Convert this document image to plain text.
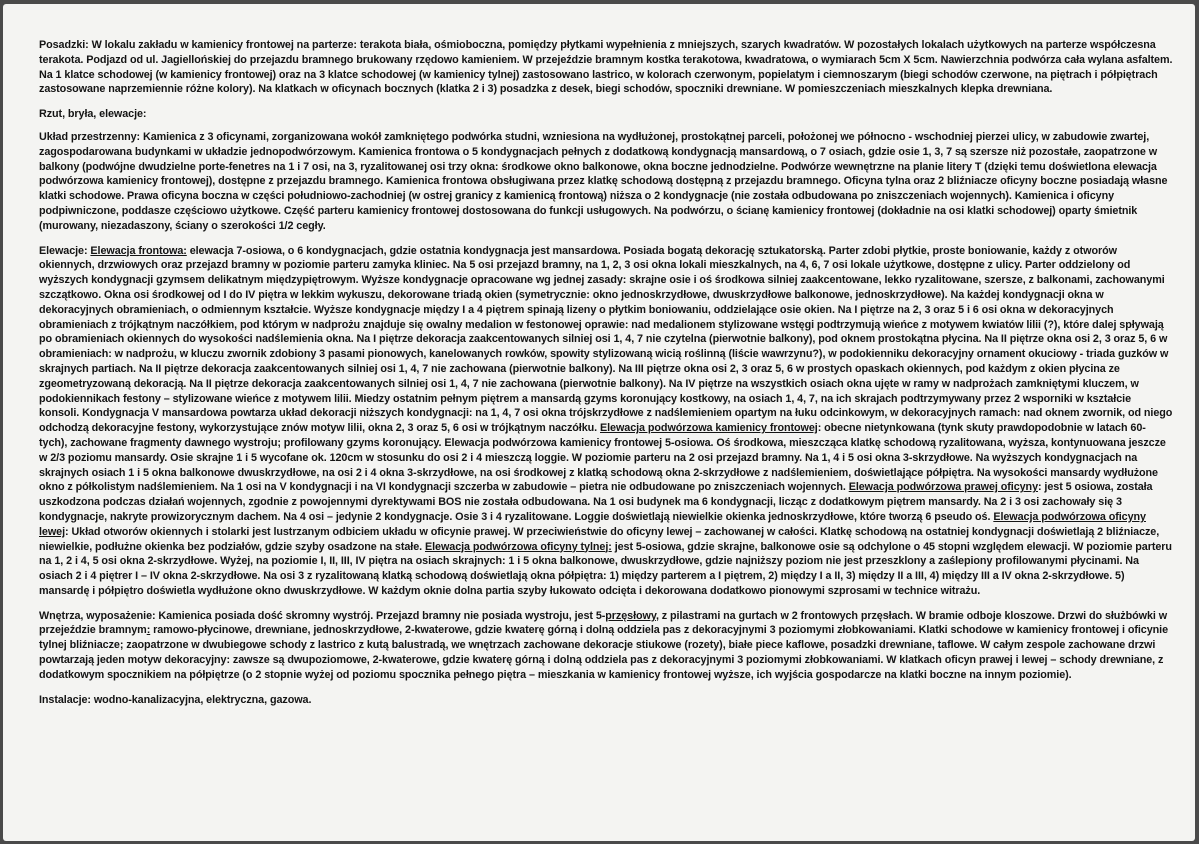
Posadzki: W lokalu zakładu w kamienicy frontowej na parterze: terakota biała, ośmioboczna, pomiędzy płytkami wypełnienia z mniejszych, szarych kwadratów. W pozostałych lokalach użytkowych na parterze współczesna terakota. Podjazd od ul. Jagiellońskiej do przejazdu bramnego brukowany rzędowo kamieniem. W przejeździe bramnym kostka terakotowa, kwadratowa, o wymiarach 5cm X 5cm. Nawierzchnia podwórza cała wylana asfaltem. Na 1 klatce schodowej (w kamienicy frontowej) oraz na 3 klatce schodowej (w kamienicy tylnej) zastosowano lastrico, w kolorach czerwonym, popielatym i ciemnoszarym (biegi schodów czerwone, na piętrach i półpiętrach zastosowane naprzemiennie różne kolory). Na klatkach w oficynach bocznych (klatka 2 i 3) posadzka z desek, biegi schodów, spoczniki drewniane. W pomieszczeniach mieszkalnych klepka drewniana.

Rzut, bryła, elewacje:

Układ przestrzenny: Kamienica z 3 oficynami, zorganizowana wokół zamkniętego podwórka studni, wzniesiona na wydłużonej, prostokątnej parceli, położonej we północno - wschodniej pierzei ulicy, w zabudowie zwartej, zagospodarowana budynkami w układzie jednopodwórzowym. Kamienica frontowa o 5 kondygnacjach pełnych z dodatkową kondygnacją mansardową, o 7 osiach, gdzie osie 1, 3, 7 są szersze niż pozostałe, zaopatrzone w balkony (podwójne dwudzielne porte-fenetres na 1 i 7 osi, na 3, ryzalitowanej osi trzy okna: środkowe okno balkonowe, okna boczne jednodzielne. Podwórze wewnętrzne na planie litery T (dzięki temu doświetlona elewacja podwórzowa kamienicy frontowej), dostępne z przejazdu bramnego. Kamienica frontowa obsługiwana przez klatkę schodową dostępną z przejazdu bramnego. Oficyna tylna oraz 2 bliźniacze oficyny boczne posiadają własne klatki schodowe. Prawa oficyna boczna w części południowo-zachodniej (w ostrej granicy z kamienicą frontową) niższa o 2 kondygnacje (nie została odbudowana po zniszczeniach wojennych). Kamienica i oficyny podpiwniczone, poddasze częściowo użytkowe. Część parteru kamienicy frontowej dostosowana do funkcji usługowych. Na podwórzu, o ścianę kamienicy frontowej (dokładnie na osi klatki schodowej) oparty śmietnik (murowany, niezadaszony, ściany o szerokości 1/2 cegły.

Elewacje: Elewacja frontowa: elewacja 7-osiowa, o 6 kondygnacjach, gdzie ostatnia kondygnacja jest mansardowa. Posiada bogatą dekorację sztukatorską. Parter zdobi płytkie, proste boniowanie, każdy z otworów okiennych, drzwiowych oraz przejazd bramny w poziomie parteru zamyka kliniec. Na 5 osi przejazd bramny, na 1, 2, 3 osi okna lokali mieszkalnych, na 4, 6, 7 osi lokale użytkowe, dostępne z ulicy. Parter oddzielony od wyższych kondygnacji gzymsem delikatnym międzypiętrowym. Wyższe kondygnacje opracowane wg jednej zasady: skrajne osie i oś środkowa silniej zaakcentowane, lekko ryzalitowane, szersze, z balkonami, zachowanymi szczątkowo. Okna osi środkowej od I do IV piętra w lekkim wykuszu, dekorowane triadą okien (symetrycznie: okno jednoskrzydłowe, dwuskrzydłowe balkonowe, jednoskrzydłowe). Na każdej kondygnacji okna w dekoracyjnych obramieniach, o odmiennym kształcie. Wyższe kondygnacje między I a 4 piętrem spinają lizeny o płytkim boniowaniu, oddzielające osie okien. Na I piętrze na 2, 3 oraz 5 i 6 osi okna w dekoracyjnych obramieniach z trójkątnym naczółkiem, pod którym w nadprożu znajduje się owalny medalion w festonowej oprawie: nad medalionem stylizowane wstęgi podtrzymują wieńce z motywem kwiatów lilii (?), które dalej spływają po obramieniach okiennych do wysokości nadślemienia okna. Na I piętrze dekoracja zaakcentowanych silniej osi 1, 4, 7 nie czytelna (pierwotnie balkony), pod oknem prostokątna płycina. Na II piętrze okna osi 2, 3 oraz 5, 6 w obramieniach: w nadprożu, w kluczu zwornik zdobiony 3 pasami pionowych, kanelowanych rowków, spowity stylizowaną wicią roślinną (liście wawrzynu?), w podokienniku dekoracyjny ornament okuciowy - triada guzków w skrajnych partiach. Na II piętrze dekoracja zaakcentowanych silniej osi 1, 4, 7 nie zachowana (pierwotnie balkony). Na III piętrze okna osi 2, 3 oraz 5, 6 w prostych opaskach okiennych, pod każdym z okien płycina ze zgeometryzowaną dekoracją. Na II piętrze dekoracja zaakcentowanych silniej osi 1, 4, 7 nie zachowana (pierwotnie balkony). Na IV piętrze na wszystkich osiach okna ujęte w ramy w nadprożach zamkniętymi kluczem, w podokiennikach festony – stylizowane wieńce z motywem lilii. Miedzy ostatnim pełnym piętrem a mansardą gzyms koronujący kostkowy, na osiach 1, 4, 7, na ich skrajach podtrzymywany przez 2 wsporniki w kształcie konsoli. Kondygnacja V mansardowa powtarza układ dekoracji niższych kondygnacji: na 1, 4, 7 osi okna trójskrzydłowe z nadślemieniem opartym na łuku odcinkowym, w dekoracyjnych ramach: nad oknem zwornik, od niego odchodzą dekoracyjne festony, wykorzystujące znów motyw lilii, okna 2, 3 oraz 5, 6 osi w trójkątnym naczółku. Elewacja podwórzowa kamienicy frontowej: obecne nietynkowana (tynk skuty prawdopodobnie w latach 60-tych), zachowane fragmenty dawnego wystroju; profilowany gzyms koronujący. Elewacja podwórzowa kamienicy frontowej 5-osiowa. Oś środkowa, mieszcząca klatkę schodową ryzalitowana, wyższa, kontynuowana jeszcze w 2/3 poziomu mansardy. Osie skrajne 1 i 5 wycofane ok. 120cm w stosunku do osi 2 i 4 mieszczą loggie. W poziomie parteru na 2 osi przejazd bramny. Na 1, 4 i 5 osi okna 3-skrzydłowe. Na wyższych kondygnacjach na skrajnych osiach 1 i 5 okna balkonowe dwuskrzydłowe, na osi 2 i 4 okna 3-skrzydłowe, na osi środkowej z klatką schodową okna 2-skrzydłowe z nadślemieniem, doświetlające półpiętra. Na wysokości mansardy wydłużone okno z półkolistym nadślemieniem. Na 1 osi na V kondygnacji i na VI kondygnacji szczerba w zabudowie – pietra nie odbudowane po zniszczeniach wojennych. Elewacja podwórzowa prawej oficyny: jest 5 osiowa, została uszkodzona podczas działań wojennych, zgodnie z powojennymi dyrektywami BOS nie została odbudowana. Na 1 osi budynek ma 6 kondygnacji, licząc z dodatkowym piętrem mansardy. Na 2 i 3 osi zachowały się 3 kondygnacje, nakryte prowizorycznym dachem. Na 4 osi – jedynie 2 kondygnacje. Osie 3 i 4 ryzalitowane. Loggie doświetlają niewielkie okienka jednoskrzydłowe, które tworzą 6 pseudo oś. Elewacja podwórzowa oficyny lewej: Układ otworów okiennych i stolarki jest lustrzanym odbiciem układu w oficynie prawej. W przeciwieństwie do oficyny lewej – zachowanej w całości. Klatkę schodową na ostatniej kondygnacji doświetlają 2 bliźniacze, niewielkie, podłużne okienka bez podziałów, gdzie szyby osadzone na stałe. Elewacja podwórzowa oficyny tylnej: jest 5-osiowa, gdzie skrajne, balkonowe osie są odchylone o 45 stopni względem elewacji. W poziomie parteru na 1, 2 i 4, 5 osi okna 2-skrzydłowe. Wyżej, na poziomie I, II, III, IV piętra na osiach skrajnych: 1 i 5 okna balkonowe, dwuskrzydłowe, gdzie najniższy poziom nie jest przeszklony a zaślepiony profilowanymi płycinami. Na osiach 2 i 4 piętrer I – IV okna 2-skrzydłowe. Na osi 3 z ryzalitowaną klatką schodową doświetlają okna półpiętra: 1) między parterem a I piętrem, 2) między I a II, 3) między II a III, 4) między III a IV okna 2-skrzydłowe. 5) mansardę i półpiętro doświetla wydłużone okno dwuskrzydłowe. W każdym oknie dolna partia szyby łukowato odcięta i dekorowana dodatkowo pionowymi szprosami w technice witrażu.

Wnętrza, wyposażenie: Kamienica posiada dość skromny wystrój. Przejazd bramny nie posiada wystroju, jest 5-przęsłowy, z pilastrami na gurtach w 2 frontowych przęsłach. W bramie odboje kloszowe. Drzwi do służbówki w przejeździe bramnym: ramowo-płycinowe, drewniane, jednoskrzydłowe, 2-kwaterowe, gdzie kwaterę górną i dolną oddziela pas z dekoracyjnymi 3 poziomymi złobkowaniami. Klatki schodowe w kamienicy frontowej i oficynie tylnej bliźniacze; zaopatrzone w dwubiegowe schody z lastrico z kutą balustradą, we wnętrzach zachowane dekoracje stiukowe (rozety), białe piece kaflowe, posadzki drewniane, taflowe. W całym zespole zachowane drzwi powtarzają jeden motyw dekoracyjny: zawsze są dwupoziomowe, 2-kwaterowe, gdzie kwaterę górną i dolną oddziela pas z dekoracyjnymi 3 poziomymi złobkowaniami. W klatkach oficyn prawej i lewej – schody drewniane, z dodatkowym spocznikiem na półpiętrze (o 2 stopnie wyżej od poziomu spocznika pełnego piętra – mieszkania w kamienicy frontowej wyższe, ich wyjścia gospodarcze na klatki boczne na innym poziomie).

Instalacje: wodno-kanalizacyjna, elektryczna, gazowa.
